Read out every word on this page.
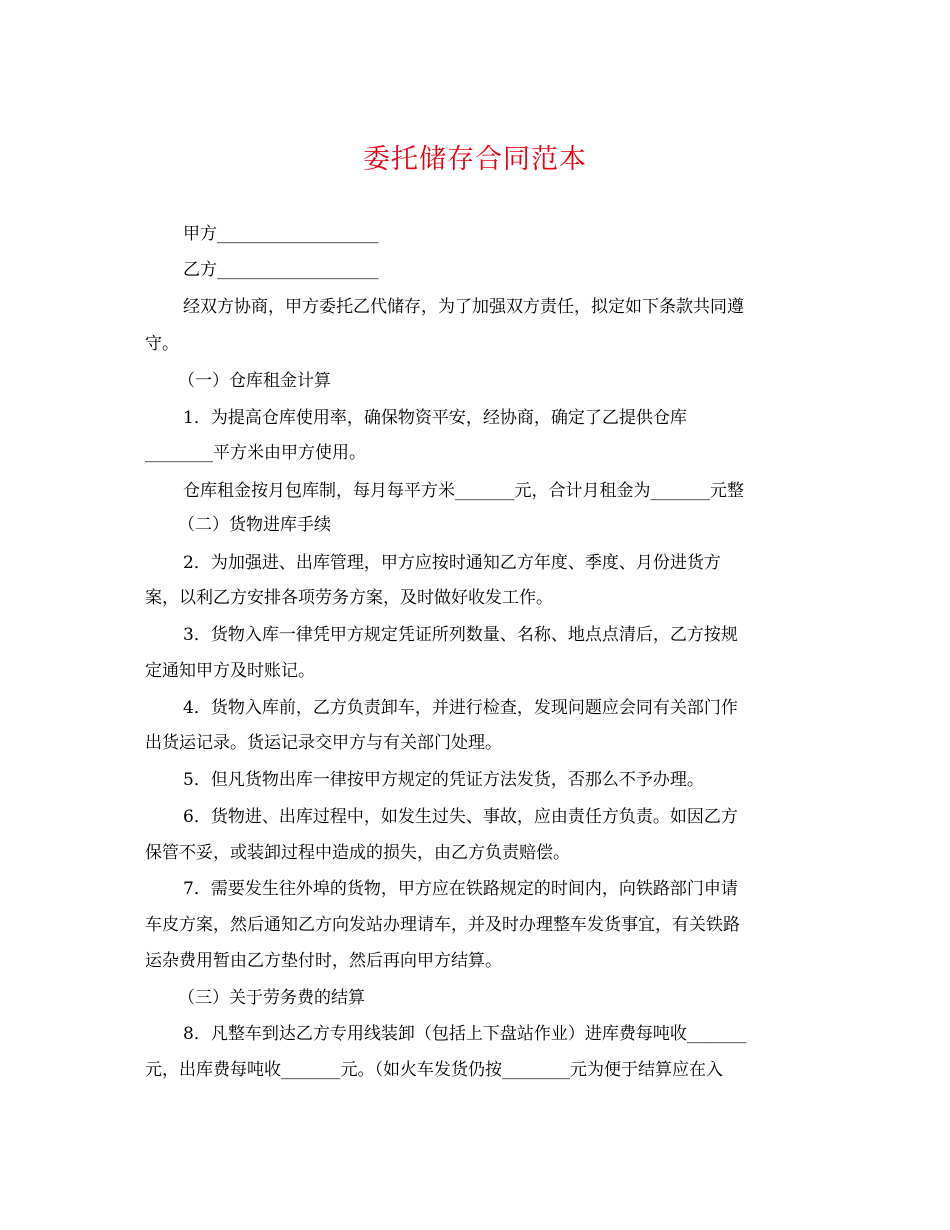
委托储存合同范本
甲方___________________
乙方___________________
经双方协商，甲方委托乙代储存，为了加强双方责任，拟定如下条款共同遵
守。
（一）仓库租金计算
1．为提高仓库使用率，确保物资平安，经协商，确定了乙提供仓库
________平方米由甲方使用。
仓库租金按月包库制，每月每平方米_______元，合计月租金为_______元整
（二）货物进库手续
2．为加强进、出库管理，甲方应按时通知乙方年度、季度、月份进货方
案，以利乙方安排各项劳务方案，及时做好收发工作。
3．货物入库一律凭甲方规定凭证所列数量、名称、地点点清后，乙方按规
定通知甲方及时账记。
4．货物入库前，乙方负责卸车，并进行检查，发现问题应会同有关部门作
出货运记录。货运记录交甲方与有关部门处理。
5．但凡货物出库一律按甲方规定的凭证方法发货，否那么不予办理。
6．货物进、出库过程中，如发生过失、事故，应由责任方负责。如因乙方
保管不妥，或装卸过程中造成的损失，由乙方负责赔偿。
7．需要发生往外埠的货物，甲方应在铁路规定的时间内，向铁路部门申请
车皮方案，然后通知乙方向发站办理请车，并及时办理整车发货事宜，有关铁路
运杂费用暂由乙方垫付时，然后再向甲方结算。
（三）关于劳务费的结算
8．凡整车到达乙方专用线装卸（包括上下盘站作业）进库费每吨收_______
元，出库费每吨收_______元。（如火车发货仍按________元为便于结算应在入
